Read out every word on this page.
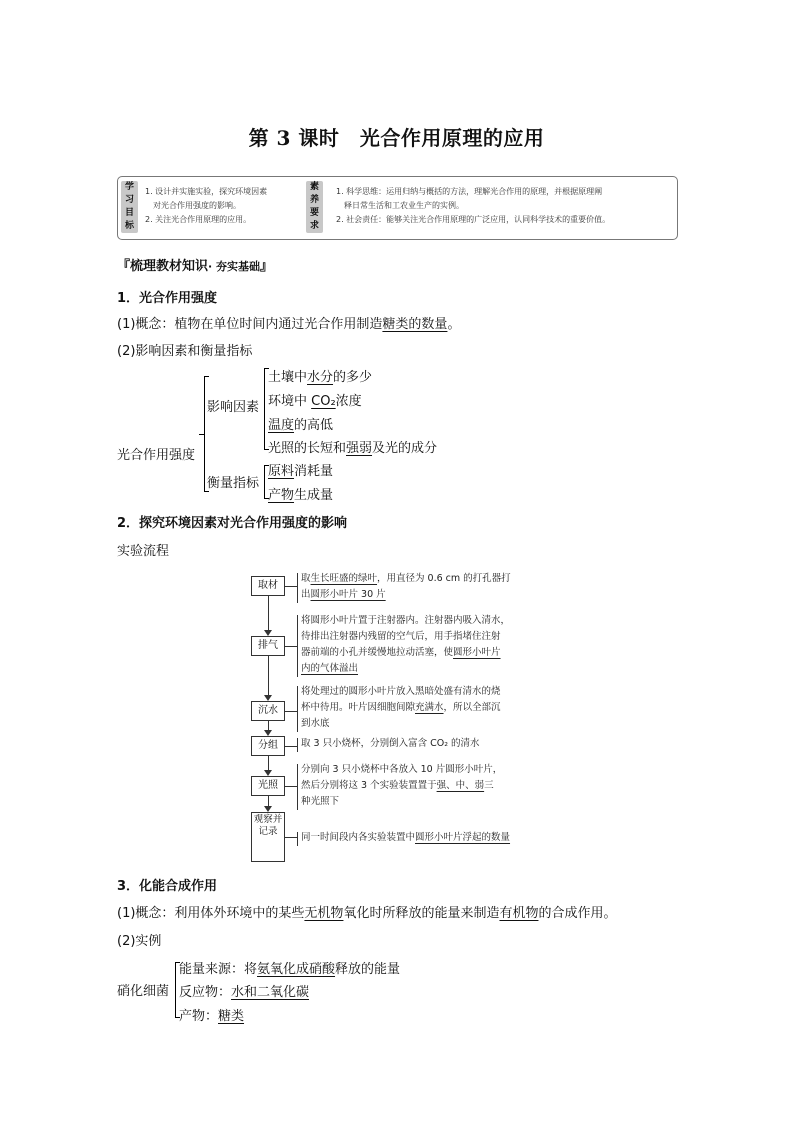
第 3 课时　光合作用原理的应用
学习目标
1. 设计并实施实验，探究环境因素
　对光合作用强度的影响。
2. 关注光合作用原理的应用。
素养要求
1. 科学思维：运用归纳与概括的方法，理解光合作用的原理，并根据原理阐
　释日常生活和工农业生产的实例。
2. 社会责任：能够关注光合作用原理的广泛应用，认同科学技术的重要价值。
『梳理教材知识· 夯实基础』
1．光合作用强度
(1)概念：植物在单位时间内通过光合作用制造糖类的数量。
(2)影响因素和衡量指标
光合作用强度
影响因素
土壤中水分的多少
环境中 CO₂浓度
温度的高低
光照的长短和强弱及光的成分
衡量指标
原料消耗量
产物生成量
2．探究环境因素对光合作用强度的影响
实验流程
取材
取生长旺盛的绿叶，用直径为 0.6 cm 的打孔器打
出圆形小叶片 30 片
排气
将圆形小叶片置于注射器内。注射器内吸入清水，
待排出注射器内残留的空气后，用手指堵住注射
器前端的小孔并缓慢地拉动活塞，使圆形小叶片
内的气体溢出
沉水
将处理过的圆形小叶片放入黑暗处盛有清水的烧
杯中待用。叶片因细胞间隙充满水，所以全部沉
到水底
分组	取 3 只小烧杯，分别倒入富含 CO₂ 的清水
光照
分别向 3 只小烧杯中各放入 10 片圆形小叶片，
然后分别将这 3 个实验装置置于强、中、弱三
种光照下
观察并记录
同一时间段内各实验装置中圆形小叶片浮起的数量
3．化能合成作用
(1)概念：利用体外环境中的某些无机物氧化时所释放的能量来制造有机物的合成作用。
(2)实例
硝化细菌
能量来源：将氨氧化成硝酸释放的能量
反应物：水和二氧化碳
产物：糖类
